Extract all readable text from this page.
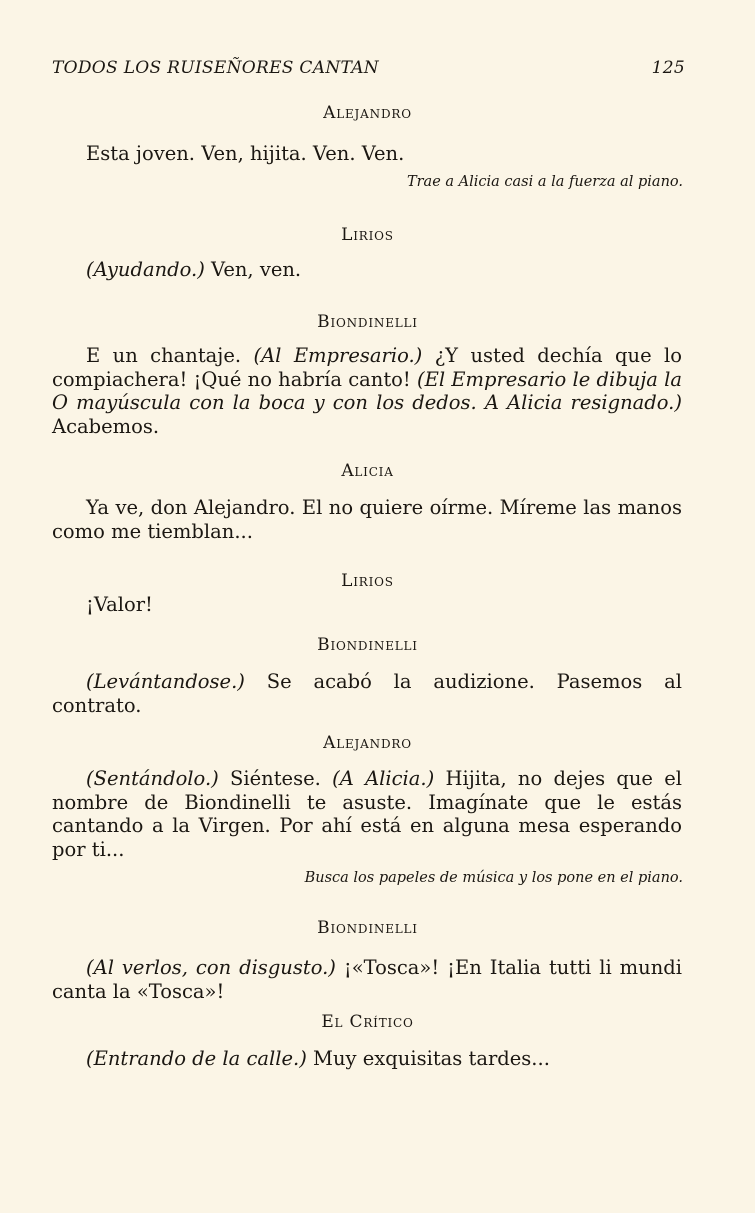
TODOS LOS RUISEÑORES CANTAN	125
Alejandro
Esta joven. Ven, hijita. Ven. Ven.
Trae a Alicia casi a la fuerza al piano.
Lirios
(Ayudando.) Ven, ven.
Biondinelli
E un chantaje. (Al Empresario.) ¿Y usted dechía que lo compiachera! ¡Qué no habría canto! (El Empresario le dibuja la O mayúscula con la boca y con los dedos. A Alicia resignado.) Acabemos.
Alicia
Ya ve, don Alejandro. El no quiere oírme. Míreme las manos como me tiemblan...
Lirios
¡Valor!
Biondinelli
(Levántandose.) Se acabó la audizione. Pasemos al contrato.
Alejandro
(Sentándolo.) Siéntese. (A Alicia.) Hijita, no dejes que el nombre de Biondinelli te asuste. Imagínate que le estás cantando a la Virgen. Por ahí está en alguna mesa esperando por ti...
Busca los papeles de música y los pone en el piano.
Biondinelli
(Al verlos, con disgusto.) ¡«Tosca»! ¡En Italia tutti li mundi canta la «Tosca»!
El Crítico
(Entrando de la calle.) Muy exquisitas tardes...
